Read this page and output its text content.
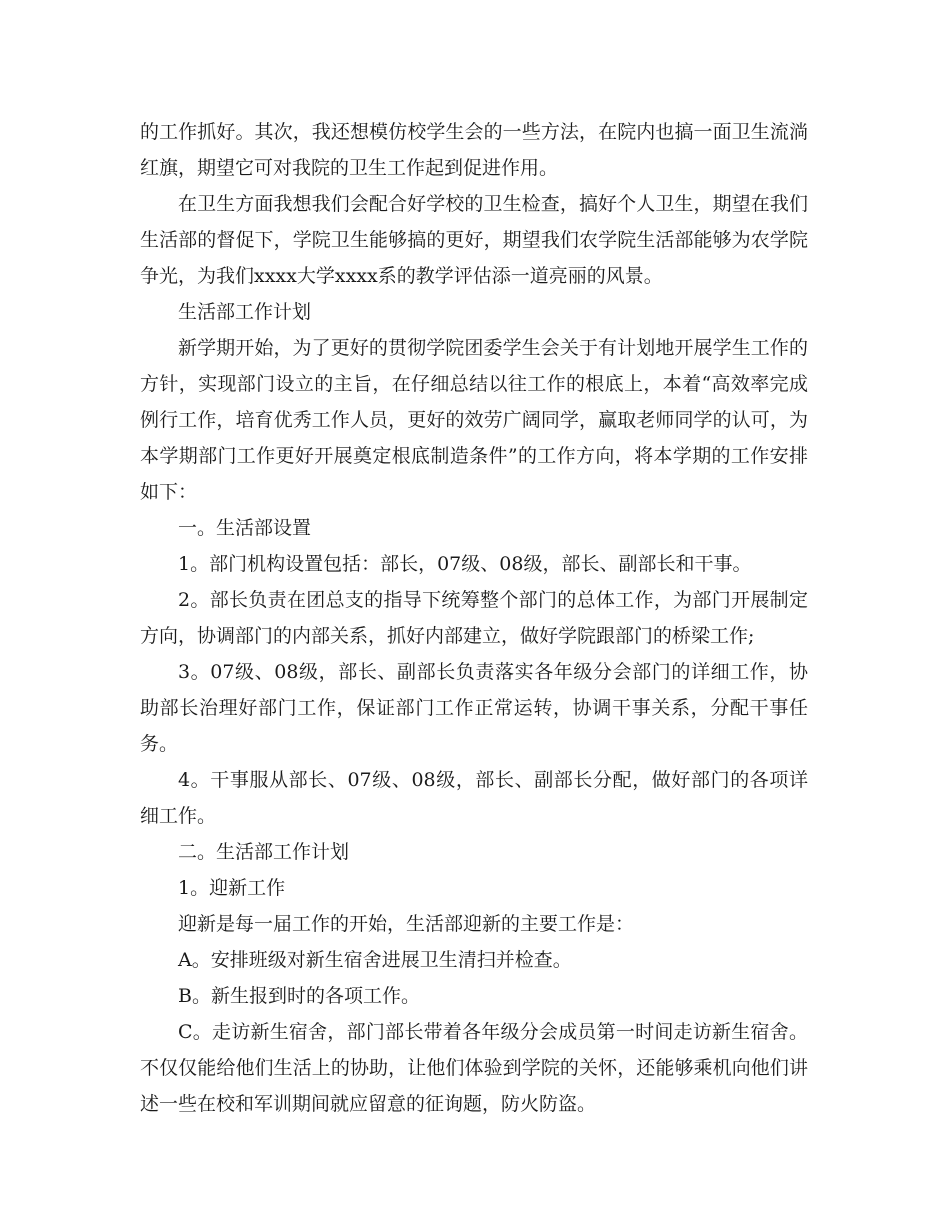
的工作抓好。其次，我还想模仿校学生会的一些方法，在院内也搞一面卫生流淌红旗，期望它可对我院的卫生工作起到促进作用。

在卫生方面我想我们会配合好学校的卫生检查，搞好个人卫生，期望在我们生活部的督促下，学院卫生能够搞的更好，期望我们农学院生活部能够为农学院争光，为我们xxxx大学xxxx系的教学评估添一道亮丽的风景。

生活部工作计划

新学期开始，为了更好的贯彻学院团委学生会关于有计划地开展学生工作的方针，实现部门设立的主旨，在仔细总结以往工作的根底上，本着“高效率完成例行工作，培育优秀工作人员，更好的效劳广阔同学，赢取老师同学的认可，为本学期部门工作更好开展奠定根底制造条件”的工作方向，将本学期的工作安排如下：

一。生活部设置

1。部门机构设置包括：部长，07级、08级，部长、副部长和干事。

2。部长负责在团总支的指导下统筹整个部门的总体工作，为部门开展制定方向，协调部门的内部关系，抓好内部建立，做好学院跟部门的桥梁工作;

3。07级、08级，部长、副部长负责落实各年级分会部门的详细工作，协助部长治理好部门工作，保证部门工作正常运转，协调干事关系，分配干事任务。

4。干事服从部长、07级、08级，部长、副部长分配，做好部门的各项详细工作。

二。生活部工作计划

1。迎新工作

迎新是每一届工作的开始，生活部迎新的主要工作是：

A。安排班级对新生宿舍进展卫生清扫并检查。

B。新生报到时的各项工作。

C。走访新生宿舍，部门部长带着各年级分会成员第一时间走访新生宿舍。不仅仅能给他们生活上的协助，让他们体验到学院的关怀，还能够乘机向他们讲述一些在校和军训期间就应留意的征询题，防火防盗。
